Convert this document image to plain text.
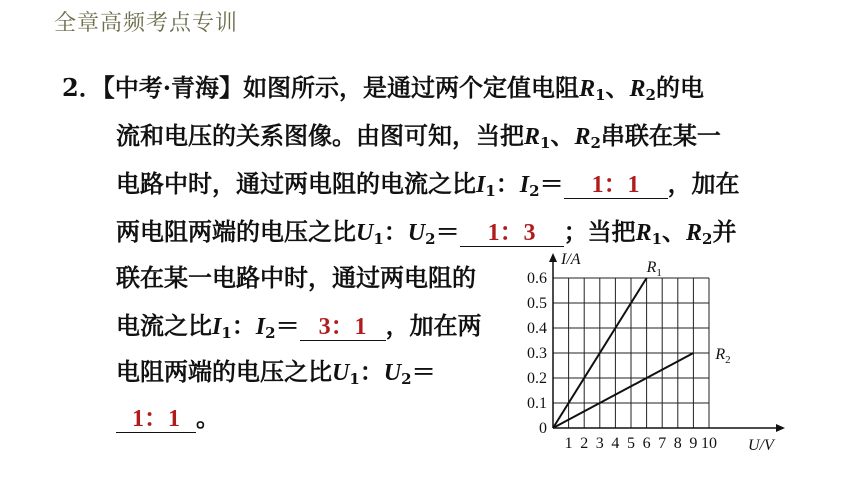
全章高频考点专训
2．【中考·青海】如图所示，是通过两个定值电阻$R_1$、$R_2$的电
流和电压的关系图像。由图可知，当把$R_1$、$R_2$串联在某一
电路中时，通过两电阻的电流之比$I_1$：$I_2= 1$：1 ，加在
两电阻两端的电压之比$U_1$：$U_2= 1$：3 ；当把$R_1$、$R_2$并
联在某一电路中时，通过两电阻的
电流之比$I_1$：$I_2= 3$：1 ，加在两
电阻两端的电压之比$U_1$：$U_2=$
1：1 。
I/A
U/V
0.1
0.2
0.3
0.4
0.5
0.6
0
1 2 3 4 5 6 7 8 9 10
$R_1$
$R_2$
